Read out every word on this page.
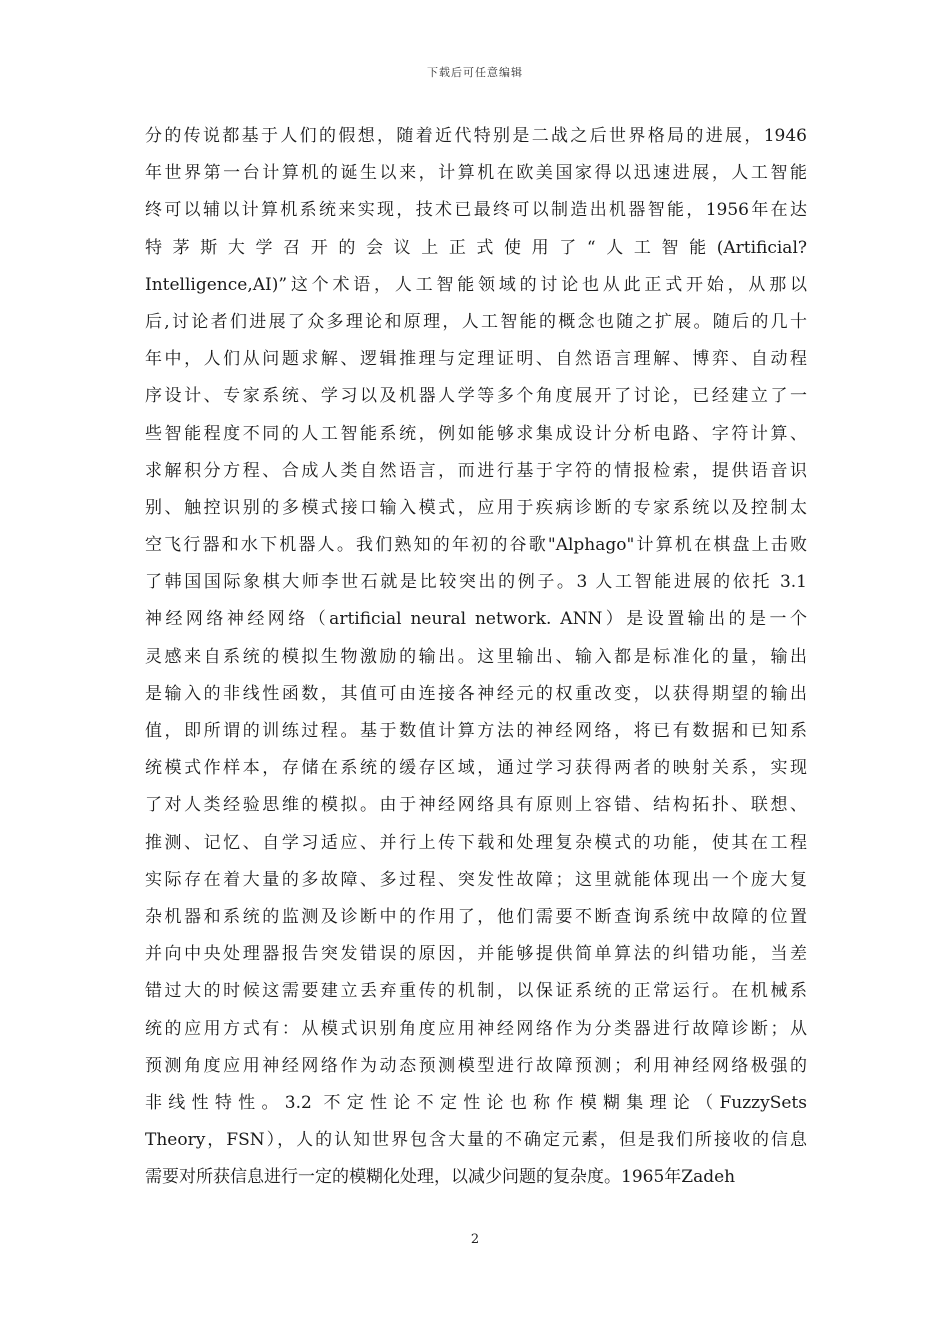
下载后可任意编辑
分的传说都基于人们的假想，随着近代特别是二战之后世界格局的进展，1946
年世界第一台计算机的诞生以来，计算机在欧美国家得以迅速进展，人工智能
终可以辅以计算机系统来实现，技术已最终可以制造出机器智能，1956年在达
特茅斯大学召开的会议上正式使用了“人工智能(Artificial?
Intelligence,AI)”这个术语，人工智能领域的讨论也从此正式开始，从那以
后,讨论者们进展了众多理论和原理，人工智能的概念也随之扩展。随后的几十
年中，人们从问题求解、逻辑推理与定理证明、自然语言理解、博弈、自动程
序设计、专家系统、学习以及机器人学等多个角度展开了讨论，已经建立了一
些智能程度不同的人工智能系统，例如能够求集成设计分析电路、字符计算、
求解积分方程、合成人类自然语言，而进行基于字符的情报检索，提供语音识
别、触控识别的多模式接口输入模式，应用于疾病诊断的专家系统以及控制太
空飞行器和水下机器人。我们熟知的年初的谷歌"Alphago"计算机在棋盘上击败
了韩国国际象棋大师李世石就是比较突出的例子。3 人工智能进展的依托 3.1
神经网络神经网络（artificial neural network. ANN）是设置输出的是一个
灵感来自系统的模拟生物激励的输出。这里输出、输入都是标准化的量，输出
是输入的非线性函数，其值可由连接各神经元的权重改变，以获得期望的输出
值，即所谓的训练过程。基于数值计算方法的神经网络，将已有数据和已知系
统模式作样本，存储在系统的缓存区域，通过学习获得两者的映射关系，实现
了对人类经验思维的模拟。由于神经网络具有原则上容错、结构拓扑、联想、
推测、记忆、自学习适应、并行上传下载和处理复杂模式的功能，使其在工程
实际存在着大量的多故障、多过程、突发性故障；这里就能体现出一个庞大复
杂机器和系统的监测及诊断中的作用了，他们需要不断查询系统中故障的位置
并向中央处理器报告突发错误的原因，并能够提供简单算法的纠错功能，当差
错过大的时候这需要建立丢弃重传的机制，以保证系统的正常运行。在机械系
统的应用方式有：从模式识别角度应用神经网络作为分类器进行故障诊断；从
预测角度应用神经网络作为动态预测模型进行故障预测；利用神经网络极强的
非线性特性。3.2 不定性论不定性论也称作模糊集理论（FuzzySets
Theory，FSN），人的认知世界包含大量的不确定元素，但是我们所接收的信息
需要对所获信息进行一定的模糊化处理，以减少问题的复杂度。1965年Zadeh
2
